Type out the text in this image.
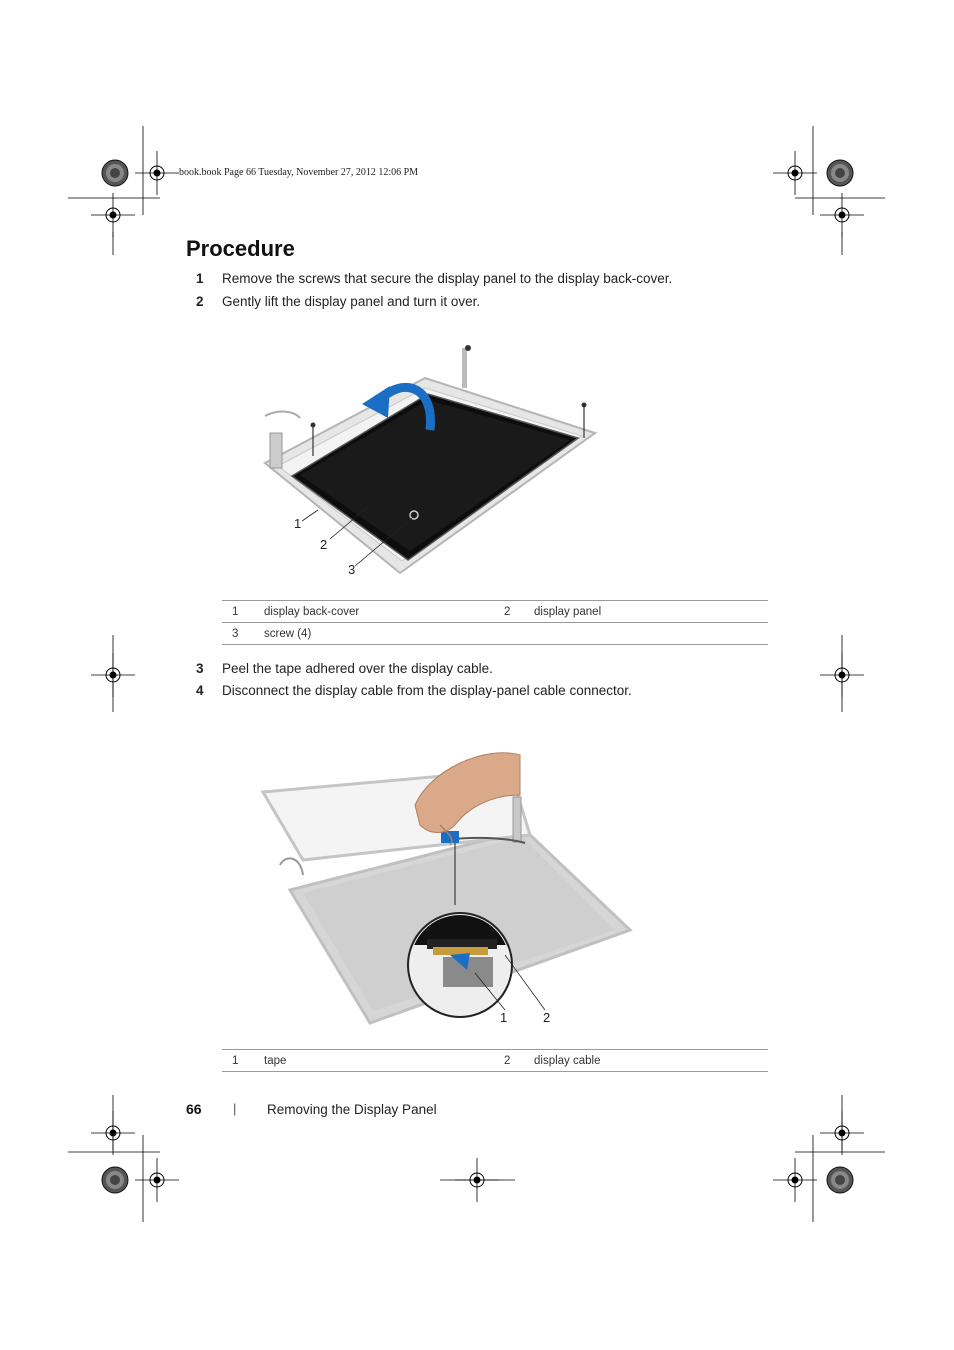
book.book Page 66 Tuesday, November 27, 2012 12:06 PM
Procedure
1 Remove the screws that secure the display panel to the display back-cover.
2 Gently lift the display panel and turn it over.
1
2
3
1	display back-cover	2	display panel
3	screw (4)		
3 Peel the tape adhered over the display cable.
4 Disconnect the display cable from the display-panel cable connector.
1	2
1	tape	2	display cable
66 | Removing the Display Panel
